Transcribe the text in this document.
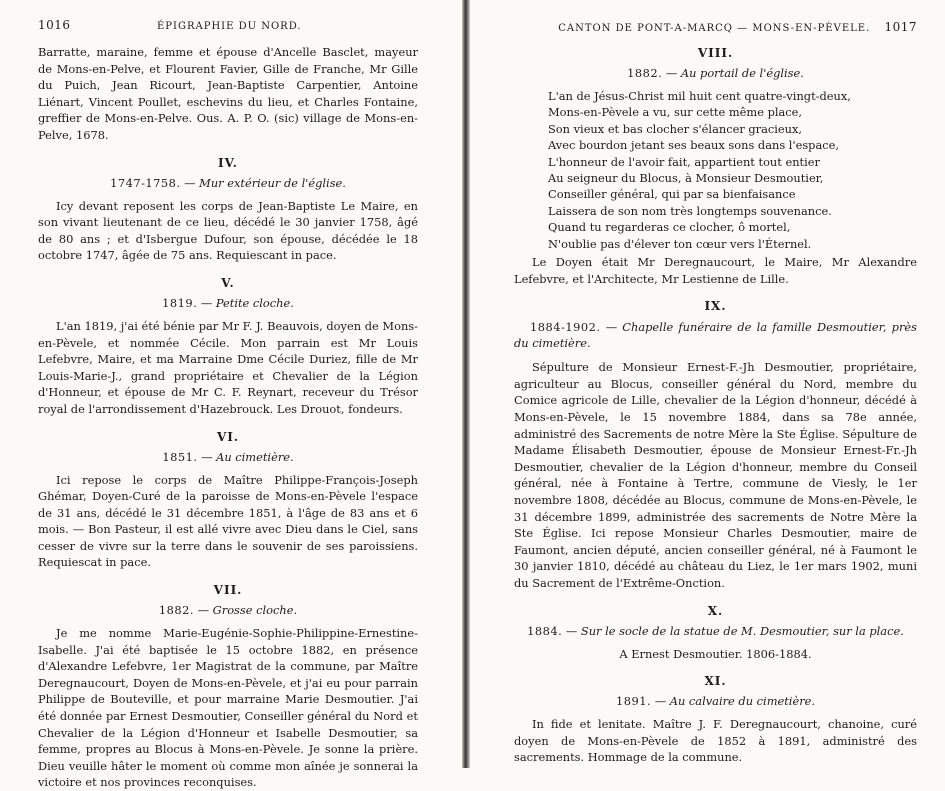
1016	ÉPIGRAPHIE DU NORD.

Barratte, maraine, femme et épouse d'Ancelle Basclet, mayeur de Mons-en-Pelve, et Flourent Favier, Gille de Franche, Mr Gille du Puich, Jean Ricourt, Jean-Baptiste Carpentier, Antoine Liénart, Vincent Poullet, eschevins du lieu, et Charles Fontaine, greffier de Mons-en-Pelve. Ous. A. P. O. (sic) village de Mons-en-Pelve, 1678.

IV.
1747-1758. — Mur extérieur de l'église.

Icy devant reposent les corps de Jean-Baptiste Le Maire, en son vivant lieutenant de ce lieu, décédé le 30 janvier 1758, âgé de 80 ans ; et d'Isbergue Dufour, son épouse, décédée le 18 octobre 1747, âgée de 75 ans. Requiescant in pace.

V.
1819. — Petite cloche.

L'an 1819, j'ai été bénie par Mr F. J. Beauvois, doyen de Mons-en-Pèvele, et nommée Cécile. Mon parrain est Mr Louis Lefebvre, Maire, et ma Marraine Dme Cécile Duriez, fille de Mr Louis-Marie-J., grand propriétaire et Chevalier de la Légion d'Honneur, et épouse de Mr C. F. Reynart, receveur du Trésor royal de l'arrondissement d'Hazebrouck. Les Drouot, fondeurs.

VI.
1851. — Au cimetière.

Ici repose le corps de Maître Philippe-François-Joseph Ghémar, Doyen-Curé de la paroisse de Mons-en-Pèvele l'espace de 31 ans, décédé le 31 décembre 1851, à l'âge de 83 ans et 6 mois. — Bon Pasteur, il est allé vivre avec Dieu dans le Ciel, sans cesser de vivre sur la terre dans le souvenir de ses paroissiens. Requiescat in pace.

VII.
1882. — Grosse cloche.

Je me nomme Marie-Eugénie-Sophie-Philippine-Ernestine-Isabelle. J'ai été baptisée le 15 octobre 1882, en présence d'Alexandre Lefebvre, 1er Magistrat de la commune, par Maître Deregnaucourt, Doyen de Mons-en-Pèvele, et j'ai eu pour parrain Philippe de Bouteville, et pour marraine Marie Desmoutier. J'ai été donnée par Ernest Desmoutier, Conseiller général du Nord et Chevalier de la Légion d'Honneur et Isabelle Desmoutier, sa femme, propres au Blocus à Mons-en-Pèvele. Je sonne la prière. Dieu veuille hâter le moment où comme mon aînée je sonnerai la victoire et nos provinces reconquises.

CANTON DE PONT-A-MARCQ — MONS-EN-PÈVELE. 1017
VIII.
1882. — Au portail de l'église.

L'an de Jésus-Christ mil huit cent quatre-vingt-deux,

Mons-en-Pèvele a vu, sur cette même place,

Son vieux et bas clocher s'élancer gracieux,

Avec bourdon jetant ses beaux sons dans l'espace,

L'honneur de l'avoir fait, appartient tout entier

Au seigneur du Blocus, à Monsieur Desmoutier,

Conseiller général, qui par sa bienfaisance

Laissera de son nom très longtemps souvenance.

Quand tu regarderas ce clocher, ô mortel,

N'oublie pas d'élever ton cœur vers l'Éternel.

Le Doyen était Mr Deregnaucourt, le Maire, Mr Alexandre Lefebvre, et l'Architecte, Mr Lestienne de Lille.

IX.
1884-1902. — Chapelle funéraire de la famille Desmoutier, près du cimetière.

Sépulture de Monsieur Ernest-F.-Jh Desmoutier, propriétaire, agriculteur au Blocus, conseiller général du Nord, membre du Comice agricole de Lille, chevalier de la Légion d'honneur, décédé à Mons-en-Pèvele, le 15 novembre 1884, dans sa 78e année, administré des Sacrements de notre Mère la Ste Église. Sépulture de Madame Élisabeth Desmoutier, épouse de Monsieur Ernest-Fr.-Jh Desmoutier, chevalier de la Légion d'honneur, membre du Conseil général, née à Fontaine à Tertre, commune de Viesly, le 1er novembre 1808, décédée au Blocus, commune de Mons-en-Pèvele, le 31 décembre 1899, administrée des sacrements de Notre Mère la Ste Église. Ici repose Monsieur Charles Desmoutier, maire de Faumont, ancien député, ancien conseiller général, né à Faumont le 30 janvier 1810, décédé au château du Liez, le 1er mars 1902, muni du Sacrement de l'Extrême-Onction.

X.
1884. — Sur le socle de la statue de M. Desmoutier, sur la place.

A Ernest Desmoutier. 1806-1884.

XI.
1891. — Au calvaire du cimetière.

In fide et lenitate. Maître J. F. Deregnaucourt, chanoine, curé doyen de Mons-en-Pèvele de 1852 à 1891, administré des sacrements. Hommage de la commune.
